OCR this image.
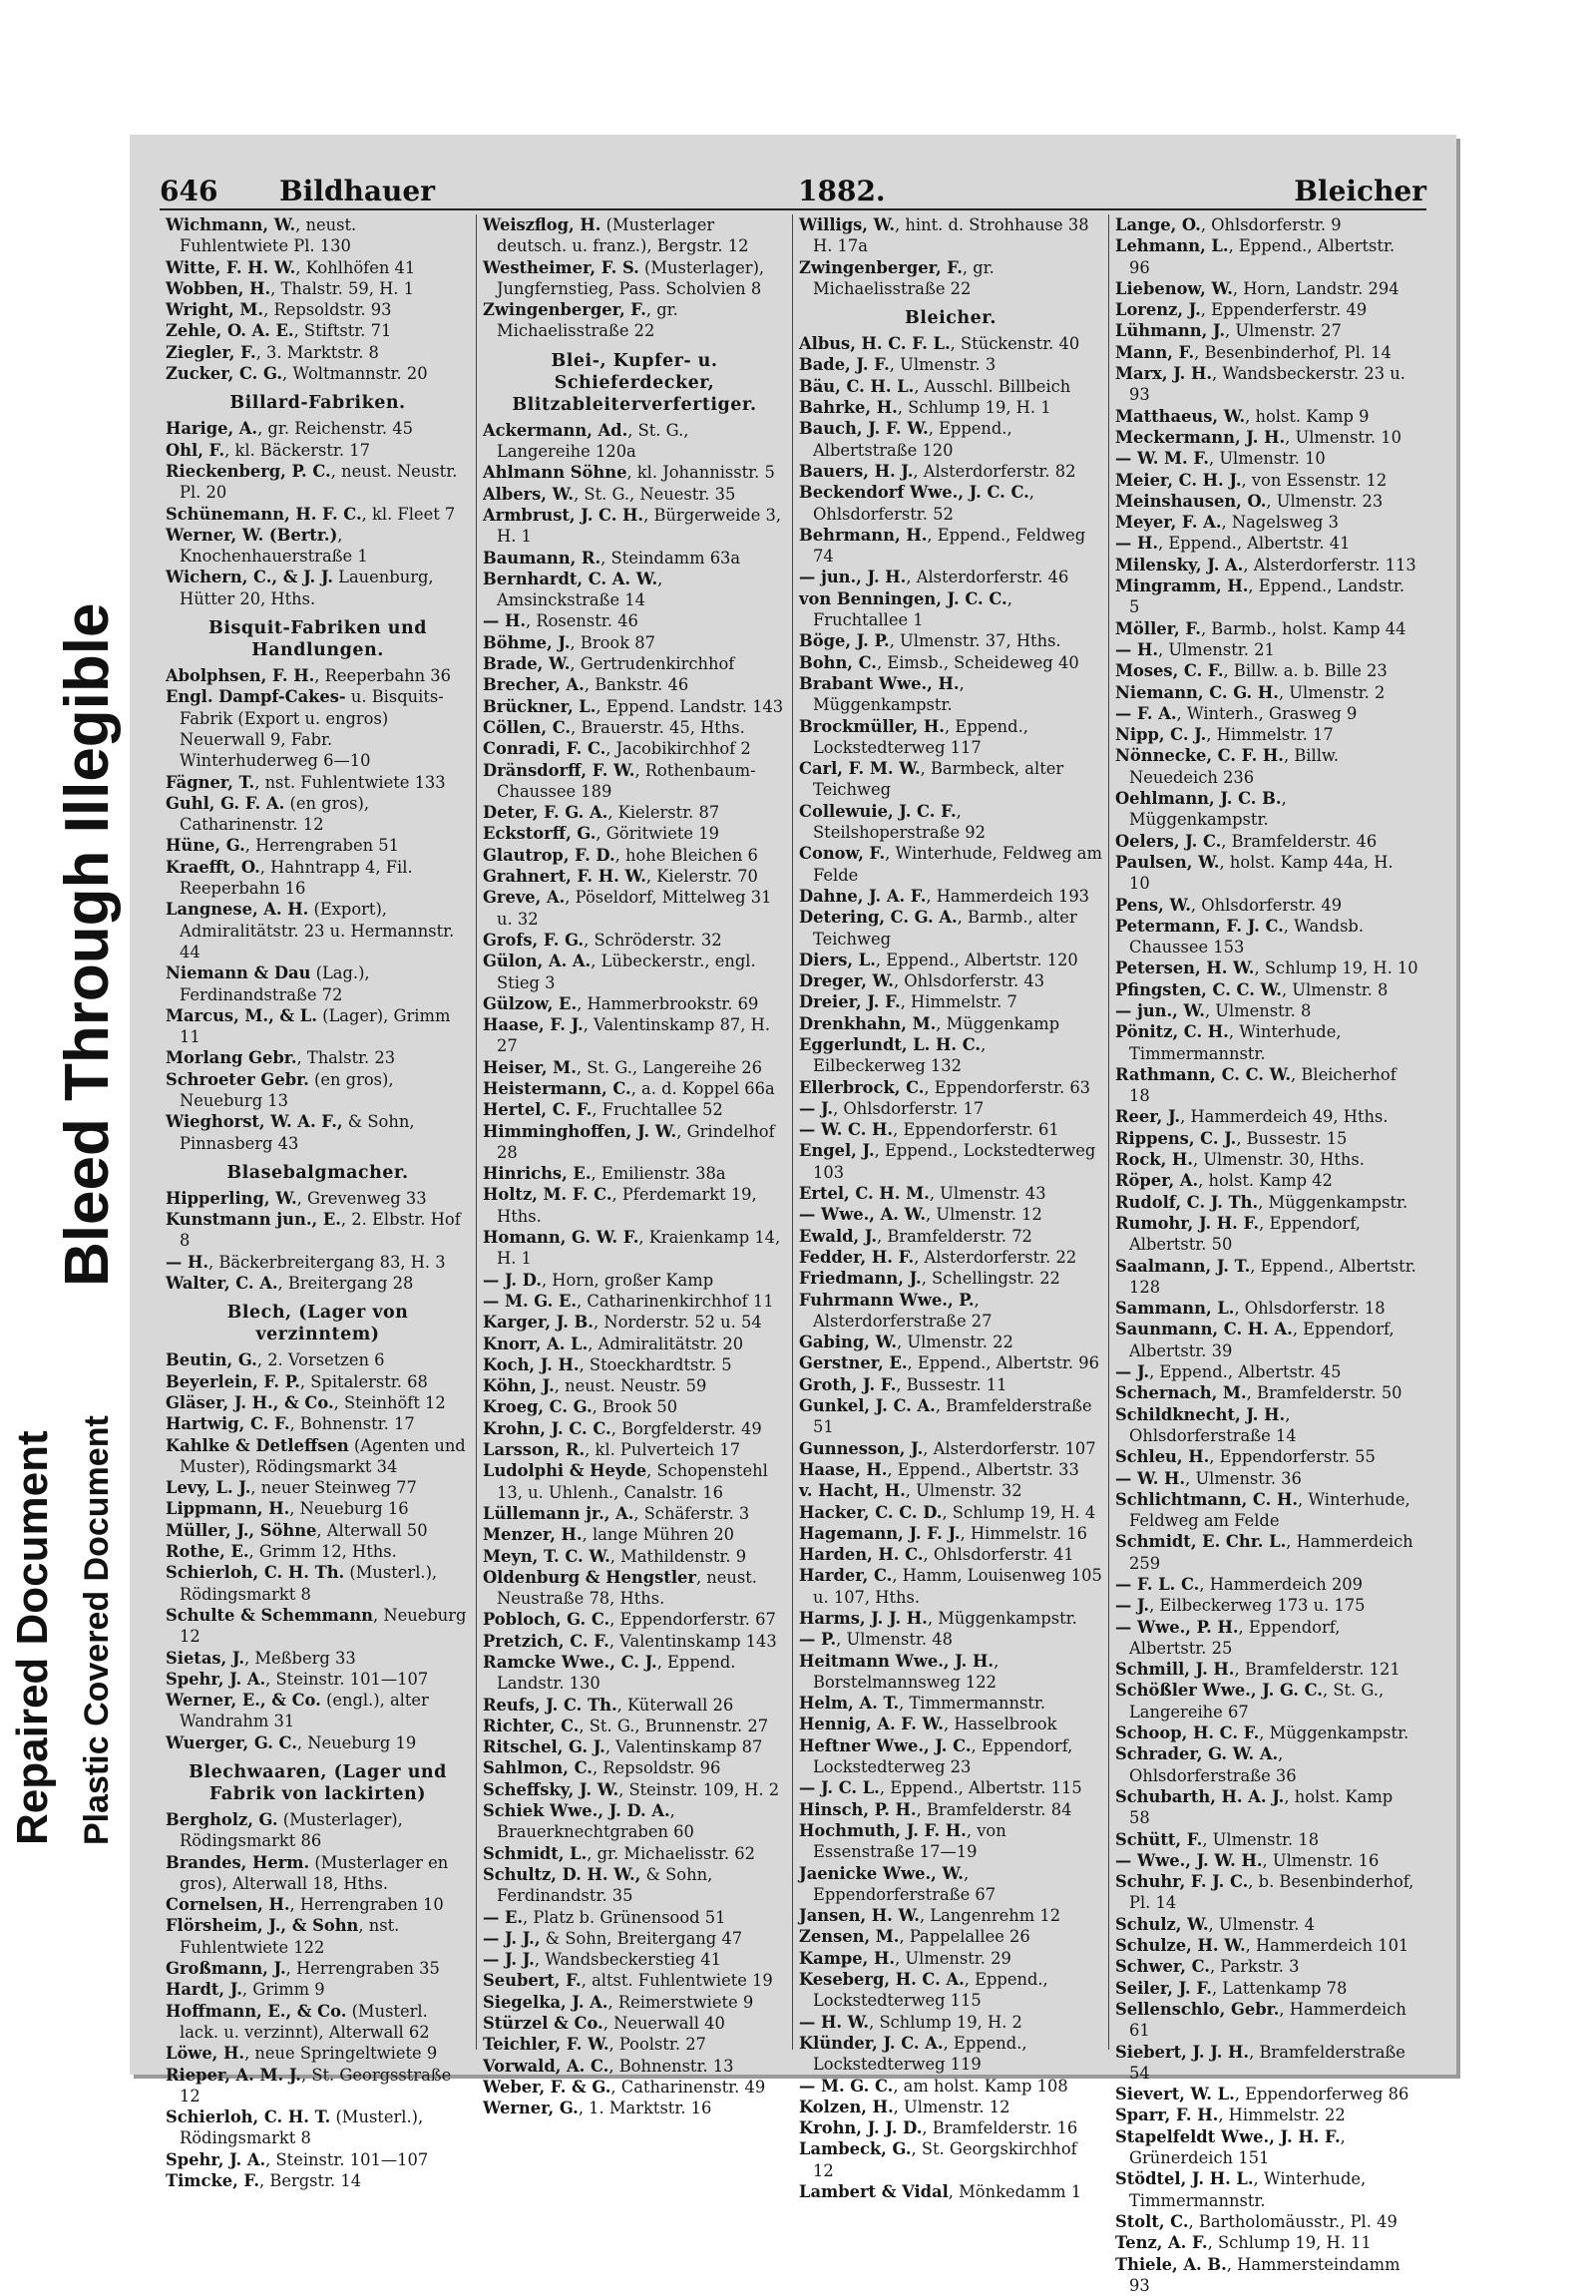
Repaired Document Plastic Covered Document
Bleed Through Illegible
646 Bildhauer	1882.	Bleicher
Wichmann, W., neust. Fuhlentwiete Pl. 130
Witte, F. H. W., Kohlhöfen 41
Wobben, H., Thalstr. 59, H. 1
Wright, M., Repsoldstr. 93
Zehle, O. A. E., Stiftstr. 71
Ziegler, F., 3. Marktstr. 8
Zucker, C. G., Woltmannstr. 20
Billard-Fabriken.
Harige, A., gr. Reichenstr. 45
Ohl, F., kl. Bäckerstr. 17
Rieckenberg, P. C., neust. Neustr. Pl. 20
Schünemann, H. F. C., kl. Fleet 7
Werner, W. (Bertr.), Knochenhauerstraße 1
Wichern, C., & J. J. Lauenburg, Hütter 20, Hths.
Bisquit-Fabriken und Handlungen.
Abolphsen, F. H., Reeperbahn 36
Engl. Dampf-Cakes- u. Bisquits-Fabrik (Export u. engros) Neuerwall 9, Fabr. Winterhuderweg 6—10
Fägner, T., nst. Fuhlentwiete 133
Guhl, G. F. A. (en gros), Catharinenstr. 12
Hüne, G., Herrengraben 51
Kraefft, O., Hahntrapp 4, Fil. Reeperbahn 16
Langnese, A. H. (Export), Admiralitätstr. 23 u. Hermannstr. 44
Niemann & Dau (Lag.), Ferdinandstraße 72
Marcus, M., & L. (Lager), Grimm 11
Morlang Gebr., Thalstr. 23
Schroeter Gebr. (en gros), Neueburg 13
Wieghorst, W. A. F., & Sohn, Pinnasberg 43
Blasebalgmacher.
Hipperling, W., Grevenweg 33
Kunstmann jun., E., 2. Elbstr. Hof 8
— H., Bäckerbreitergang 83, H. 3
Walter, C. A., Breitergang 28
Blech, (Lager von verzinntem)
Beutin, G., 2. Vorsetzen 6
Beyerlein, F. P., Spitalerstr. 68
Gläser, J. H., & Co., Steinhöft 12
Hartwig, C. F., Bohnenstr. 17
Kahlke & Detleffsen (Agenten und Muster), Rödingsmarkt 34
Levy, L. J., neuer Steinweg 77
Lippmann, H., Neueburg 16
Müller, J., Söhne, Alterwall 50
Rothe, E., Grimm 12, Hths.
Schierloh, C. H. Th. (Musterl.), Rödingsmarkt 8
Schulte & Schemmann, Neueburg 12
Sietas, J., Meßberg 33
Spehr, J. A., Steinstr. 101—107
Werner, E., & Co. (engl.), alter Wandrahm 31
Wuerger, G. C., Neueburg 19
Blechwaaren, (Lager und Fabrik von lackirten)
Bergholz, G. (Musterlager), Rödingsmarkt 86
Brandes, Herm. (Musterlager en gros), Alterwall 18, Hths.
Cornelsen, H., Herrengraben 10
Flörsheim, J., & Sohn, nst. Fuhlentwiete 122
Großmann, J., Herrengraben 35
Hardt, J., Grimm 9
Hoffmann, E., & Co. (Musterl. lack. u. verzinnt), Alterwall 62
Löwe, H., neue Springeltwiete 9
Rieper, A. M. J., St. Georgsstraße 12
Schierloh, C. H. T. (Musterl.), Rödingsmarkt 8
Spehr, J. A., Steinstr. 101—107
Timcke, F., Bergstr. 14
Weiszflog, H. (Musterlager deutsch. u. franz.), Bergstr. 12
Westheimer, F. S. (Musterlager), Jungfernstieg, Pass. Scholvien 8
Zwingenberger, F., gr. Michaelisstraße 22
Blei-, Kupfer- u. Schieferdecker, Blitzableiterverfertiger.
Ackermann, Ad., St. G., Langereihe 120a
Ahlmann Söhne, kl. Johannisstr. 5
Albers, W., St. G., Neuestr. 35
Armbrust, J. C. H., Bürgerweide 3, H. 1
Baumann, R., Steindamm 63a
Bernhardt, C. A. W., Amsinckstraße 14
— H., Rosenstr. 46
Böhme, J., Brook 87
Brade, W., Gertrudenkirchhof
Brecher, A., Bankstr. 46
Brückner, L., Eppend. Landstr. 143
Cöllen, C., Brauerstr. 45, Hths.
Conradi, F. C., Jacobikirchhof 2
Dränsdorff, F. W., Rothenbaum-Chaussee 189
Deter, F. G. A., Kielerstr. 87
Eckstorff, G., Göritwiete 19
Glautrop, F. D., hohe Bleichen 6
Grahnert, F. H. W., Kielerstr. 70
Greve, A., Pöseldorf, Mittelweg 31 u. 32
Grofs, F. G., Schröderstr. 32
Gülon, A. A., Lübeckerstr., engl. Stieg 3
Gülzow, E., Hammerbrookstr. 69
Haase, F. J., Valentinskamp 87, H. 27
Heiser, M., St. G., Langereihe 26
Heistermann, C., a. d. Koppel 66a
Hertel, C. F., Fruchtallee 52
Himminghoffen, J. W., Grindelhof 28
Hinrichs, E., Emilienstr. 38a
Holtz, M. F. C., Pferdemarkt 19, Hths.
Homann, G. W. F., Kraienkamp 14, H. 1
— J. D., Horn, großer Kamp
— M. G. E., Catharinenkirchhof 11
Karger, J. B., Norderstr. 52 u. 54
Knorr, A. L., Admiralitätstr. 20
Koch, J. H., Stoeckhardtstr. 5
Köhn, J., neust. Neustr. 59
Kroeg, C. G., Brook 50
Krohn, J. C. C., Borgfelderstr. 49
Larsson, R., kl. Pulverteich 17
Ludolphi & Heyde, Schopenstehl 13, u. Uhlenh., Canalstr. 16
Lüllemann jr., A., Schäferstr. 3
Menzer, H., lange Mühren 20
Meyn, T. C. W., Mathildenstr. 9
Oldenburg & Hengstler, neust. Neustraße 78, Hths.
Pobloch, G. C., Eppendorferstr. 67
Pretzich, C. F., Valentinskamp 143
Ramcke Wwe., C. J., Eppend. Landstr. 130
Reufs, J. C. Th., Küterwall 26
Richter, C., St. G., Brunnenstr. 27
Ritschel, G. J., Valentinskamp 87
Sahlmon, C., Repsoldstr. 96
Scheffsky, J. W., Steinstr. 109, H. 2
Schiek Wwe., J. D. A., Brauerknechtgraben 60
Schmidt, L., gr. Michaelisstr. 62
Schultz, D. H. W., & Sohn, Ferdinandstr. 35
— E., Platz b. Grünensood 51
— J. J., & Sohn, Breitergang 47
— J. J., Wandsbeckerstieg 41
Seubert, F., altst. Fuhlentwiete 19
Siegelka, J. A., Reimerstwiete 9
Stürzel & Co., Neuerwall 40
Teichler, F. W., Poolstr. 27
Vorwald, A. C., Bohnenstr. 13
Weber, F. & G., Catharinenstr. 49
Werner, G., 1. Marktstr. 16
Willigs, W., hint. d. Strohhause 38 H. 17a
Zwingenberger, F., gr. Michaelisstraße 22
Bleicher.
Albus, H. C. F. L., Stückenstr. 40
Bade, J. F., Ulmenstr. 3
Bäu, C. H. L., Ausschl. Billbeich
Bahrke, H., Schlump 19, H. 1
Bauch, J. F. W., Eppend., Albertstraße 120
Bauers, H. J., Alsterdorferstr. 82
Beckendorf Wwe., J. C. C., Ohlsdorferstr. 52
Behrmann, H., Eppend., Feldweg 74
— jun., J. H., Alsterdorferstr. 46
von Benningen, J. C. C., Fruchtallee 1
Böge, J. P., Ulmenstr. 37, Hths.
Bohn, C., Eimsb., Scheideweg 40
Brabant Wwe., H., Müggenkampstr.
Brockmüller, H., Eppend., Lockstedterweg 117
Carl, F. M. W., Barmbeck, alter Teichweg
Collewuie, J. C. F., Steilshoperstraße 92
Conow, F., Winterhude, Feldweg am Felde
Dahne, J. A. F., Hammerdeich 193
Detering, C. G. A., Barmb., alter Teichweg
Diers, L., Eppend., Albertstr. 120
Dreger, W., Ohlsdorferstr. 43
Dreier, J. F., Himmelstr. 7
Drenkhahn, M., Müggenkamp
Eggerlundt, L. H. C., Eilbeckerweg 132
Ellerbrock, C., Eppendorferstr. 63
— J., Ohlsdorferstr. 17
— W. C. H., Eppendorferstr. 61
Engel, J., Eppend., Lockstedterweg 103
Ertel, C. H. M., Ulmenstr. 43
— Wwe., A. W., Ulmenstr. 12
Ewald, J., Bramfelderstr. 72
Fedder, H. F., Alsterdorferstr. 22
Friedmann, J., Schellingstr. 22
Fuhrmann Wwe., P., Alsterdorferstraße 27
Gabing, W., Ulmenstr. 22
Gerstner, E., Eppend., Albertstr. 96
Groth, J. F., Bussestr. 11
Gunkel, J. C. A., Bramfelderstraße 51
Gunnesson, J., Alsterdorferstr. 107
Haase, H., Eppend., Albertstr. 33
v. Hacht, H., Ulmenstr. 32
Hacker, C. C. D., Schlump 19, H. 4
Hagemann, J. F. J., Himmelstr. 16
Harden, H. C., Ohlsdorferstr. 41
Harder, C., Hamm, Louisenweg 105 u. 107, Hths.
Harms, J. J. H., Müggenkampstr.
— P., Ulmenstr. 48
Heitmann Wwe., J. H., Borstelmannsweg 122
Helm, A. T., Timmermannstr.
Hennig, A. F. W., Hasselbrook
Heftner Wwe., J. C., Eppendorf, Lockstedterweg 23
— J. C. L., Eppend., Albertstr. 115
Hinsch, P. H., Bramfelderstr. 84
Hochmuth, J. F. H., von Essenstraße 17—19
Jaenicke Wwe., W., Eppendorferstraße 67
Jansen, H. W., Langenrehm 12
Zensen, M., Pappelallee 26
Kampe, H., Ulmenstr. 29
Keseberg, H. C. A., Eppend., Lockstedterweg 115
— H. W., Schlump 19, H. 2
Klünder, J. C. A., Eppend., Lockstedterweg 119
— M. G. C., am holst. Kamp 108
Kolzen, H., Ulmenstr. 12
Krohn, J. J. D., Bramfelderstr. 16
Lambeck, G., St. Georgskirchhof 12
Lambert & Vidal, Mönkedamm 1
Lange, O., Ohlsdorferstr. 9
Lehmann, L., Eppend., Albertstr. 96
Liebenow, W., Horn, Landstr. 294
Lorenz, J., Eppenderferstr. 49
Lühmann, J., Ulmenstr. 27
Mann, F., Besenbinderhof, Pl. 14
Marx, J. H., Wandsbeckerstr. 23 u. 93
Matthaeus, W., holst. Kamp 9
Meckermann, J. H., Ulmenstr. 10
— W. M. F., Ulmenstr. 10
Meier, C. H. J., von Essenstr. 12
Meinshausen, O., Ulmenstr. 23
Meyer, F. A., Nagelsweg 3
— H., Eppend., Albertstr. 41
Milensky, J. A., Alsterdorferstr. 113
Mingramm, H., Eppend., Landstr. 5
Möller, F., Barmb., holst. Kamp 44
— H., Ulmenstr. 21
Moses, C. F., Billw. a. b. Bille 23
Niemann, C. G. H., Ulmenstr. 2
— F. A., Winterh., Grasweg 9
Nipp, C. J., Himmelstr. 17
Nönnecke, C. F. H., Billw. Neuedeich 236
Oehlmann, J. C. B., Müggenkampstr.
Oelers, J. C., Bramfelderstr. 46
Paulsen, W., holst. Kamp 44a, H. 10
Pens, W., Ohlsdorferstr. 49
Petermann, F. J. C., Wandsb. Chaussee 153
Petersen, H. W., Schlump 19, H. 10
Pfingsten, C. C. W., Ulmenstr. 8
— jun., W., Ulmenstr. 8
Pönitz, C. H., Winterhude, Timmermannstr.
Rathmann, C. C. W., Bleicherhof 18
Reer, J., Hammerdeich 49, Hths.
Rippens, C. J., Bussestr. 15
Rock, H., Ulmenstr. 30, Hths.
Röper, A., holst. Kamp 42
Rudolf, C. J. Th., Müggenkampstr.
Rumohr, J. H. F., Eppendorf, Albertstr. 50
Saalmann, J. T., Eppend., Albertstr. 128
Sammann, L., Ohlsdorferstr. 18
Saunmann, C. H. A., Eppendorf, Albertstr. 39
— J., Eppend., Albertstr. 45
Schernach, M., Bramfelderstr. 50
Schildknecht, J. H., Ohlsdorferstraße 14
Schleu, H., Eppendorferstr. 55
— W. H., Ulmenstr. 36
Schlichtmann, C. H., Winterhude, Feldweg am Felde
Schmidt, E. Chr. L., Hammerdeich 259
— F. L. C., Hammerdeich 209
— J., Eilbeckerweg 173 u. 175
— Wwe., P. H., Eppendorf, Albertstr. 25
Schmill, J. H., Bramfelderstr. 121
Schößler Wwe., J. G. C., St. G., Langereihe 67
Schoop, H. C. F., Müggenkampstr.
Schrader, G. W. A., Ohlsdorferstraße 36
Schubarth, H. A. J., holst. Kamp 58
Schütt, F., Ulmenstr. 18
— Wwe., J. W. H., Ulmenstr. 16
Schuhr, F. J. C., b. Besenbinderhof, Pl. 14
Schulz, W., Ulmenstr. 4
Schulze, H. W., Hammerdeich 101
Schwer, C., Parkstr. 3
Seiler, J. F., Lattenkamp 78
Sellenschlo, Gebr., Hammerdeich 61
Siebert, J. J. H., Bramfelderstraße 54
Sievert, W. L., Eppendorferweg 86
Sparr, F. H., Himmelstr. 22
Stapelfeldt Wwe., J. H. F., Grünerdeich 151
Stödtel, J. H. L., Winterhude, Timmermannstr.
Stolt, C., Bartholomäusstr., Pl. 49
Tenz, A. F., Schlump 19, H. 11
Thiele, A. B., Hammersteindamm 93
